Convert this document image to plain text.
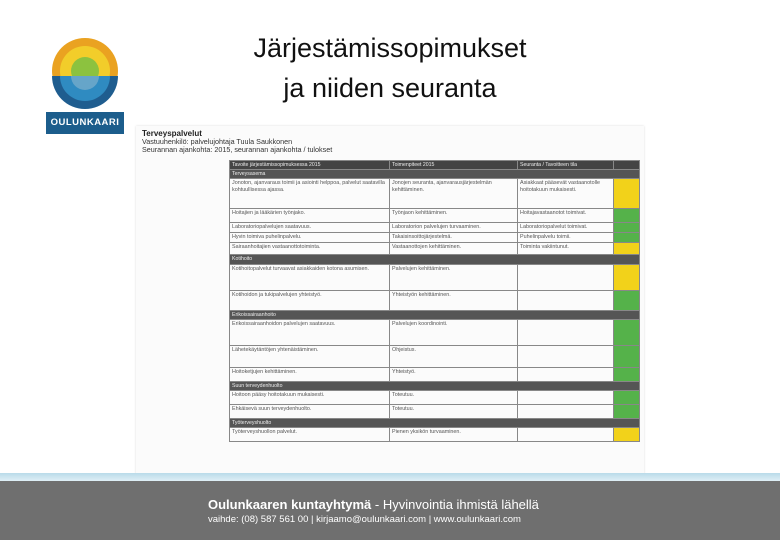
OULUNKAARI
Järjestämissopimukset
ja niiden seuranta
Terveyspalvelut
Vastuuhenkilö: palvelujohtaja Tuula Saukkonen
Seurannan ajankohta: 2015, seurannan ajankohta / tulokset
Tavoite järjestämissopimuksessa 2015	Toimenpiteet 2015	Seuranta / Tavoitteen tila	
Terveysasema			
Jonoton, ajanvaraus toimii ja asiointi helppoa, palvelut saatavilla kohtuullisessa ajassa.	Jonojen seuranta, ajanvarausjärjestelmän kehittäminen.	Asiakkaat pääsevät vastaanotolle hoitotakuun mukaisesti.	
Hoitajien ja lääkärien työnjako.	Työnjaon kehittäminen.	Hoitajavastaanotot toimivat.	
Laboratoriopalvelujen saatavuus.	Laboratorion palvelujen turvaaminen.	Laboratoriopalvelut toimivat.	
Hyvin toimiva puhelinpalvelu.	Takaisinsoittojärjestelmä.	Puhelinpalvelu toimii.	
Sairaanhoitajien vastaanottotoiminta.	Vastaanottojen kehittäminen.	Toiminta vakiintunut.	
Kotihoito			
Kotihoitopalvelut turvaavat asiakkaiden kotona asumisen.	Palvelujen kehittäminen.		
Kotihoidon ja tukipalvelujen yhteistyö.	Yhteistyön kehittäminen.		
Erikoissairaanhoito			
Erikoissairaanhoidon palvelujen saatavuus.	Palvelujen koordinointi.		
Lähetekäytäntöjen yhtenäistäminen.	Ohjeistus.		
Hoitoketjujen kehittäminen.	Yhteistyö.		
Suun terveydenhuolto			
Hoitoon pääsy hoitotakuun mukaisesti.	Toteutuu.		
Ehkäisevä suun terveydenhuolto.	Toteutuu.		
Työterveyshuolto			
Työterveyshuollon palvelut.	Pienen yksikön turvaaminen.		
Oulunkaaren kuntayhtymä - Hyvinvointia ihmistä lähellä
vaihde: (08) 587 561 00 | kirjaamo@oulunkaari.com | www.oulunkaari.com
